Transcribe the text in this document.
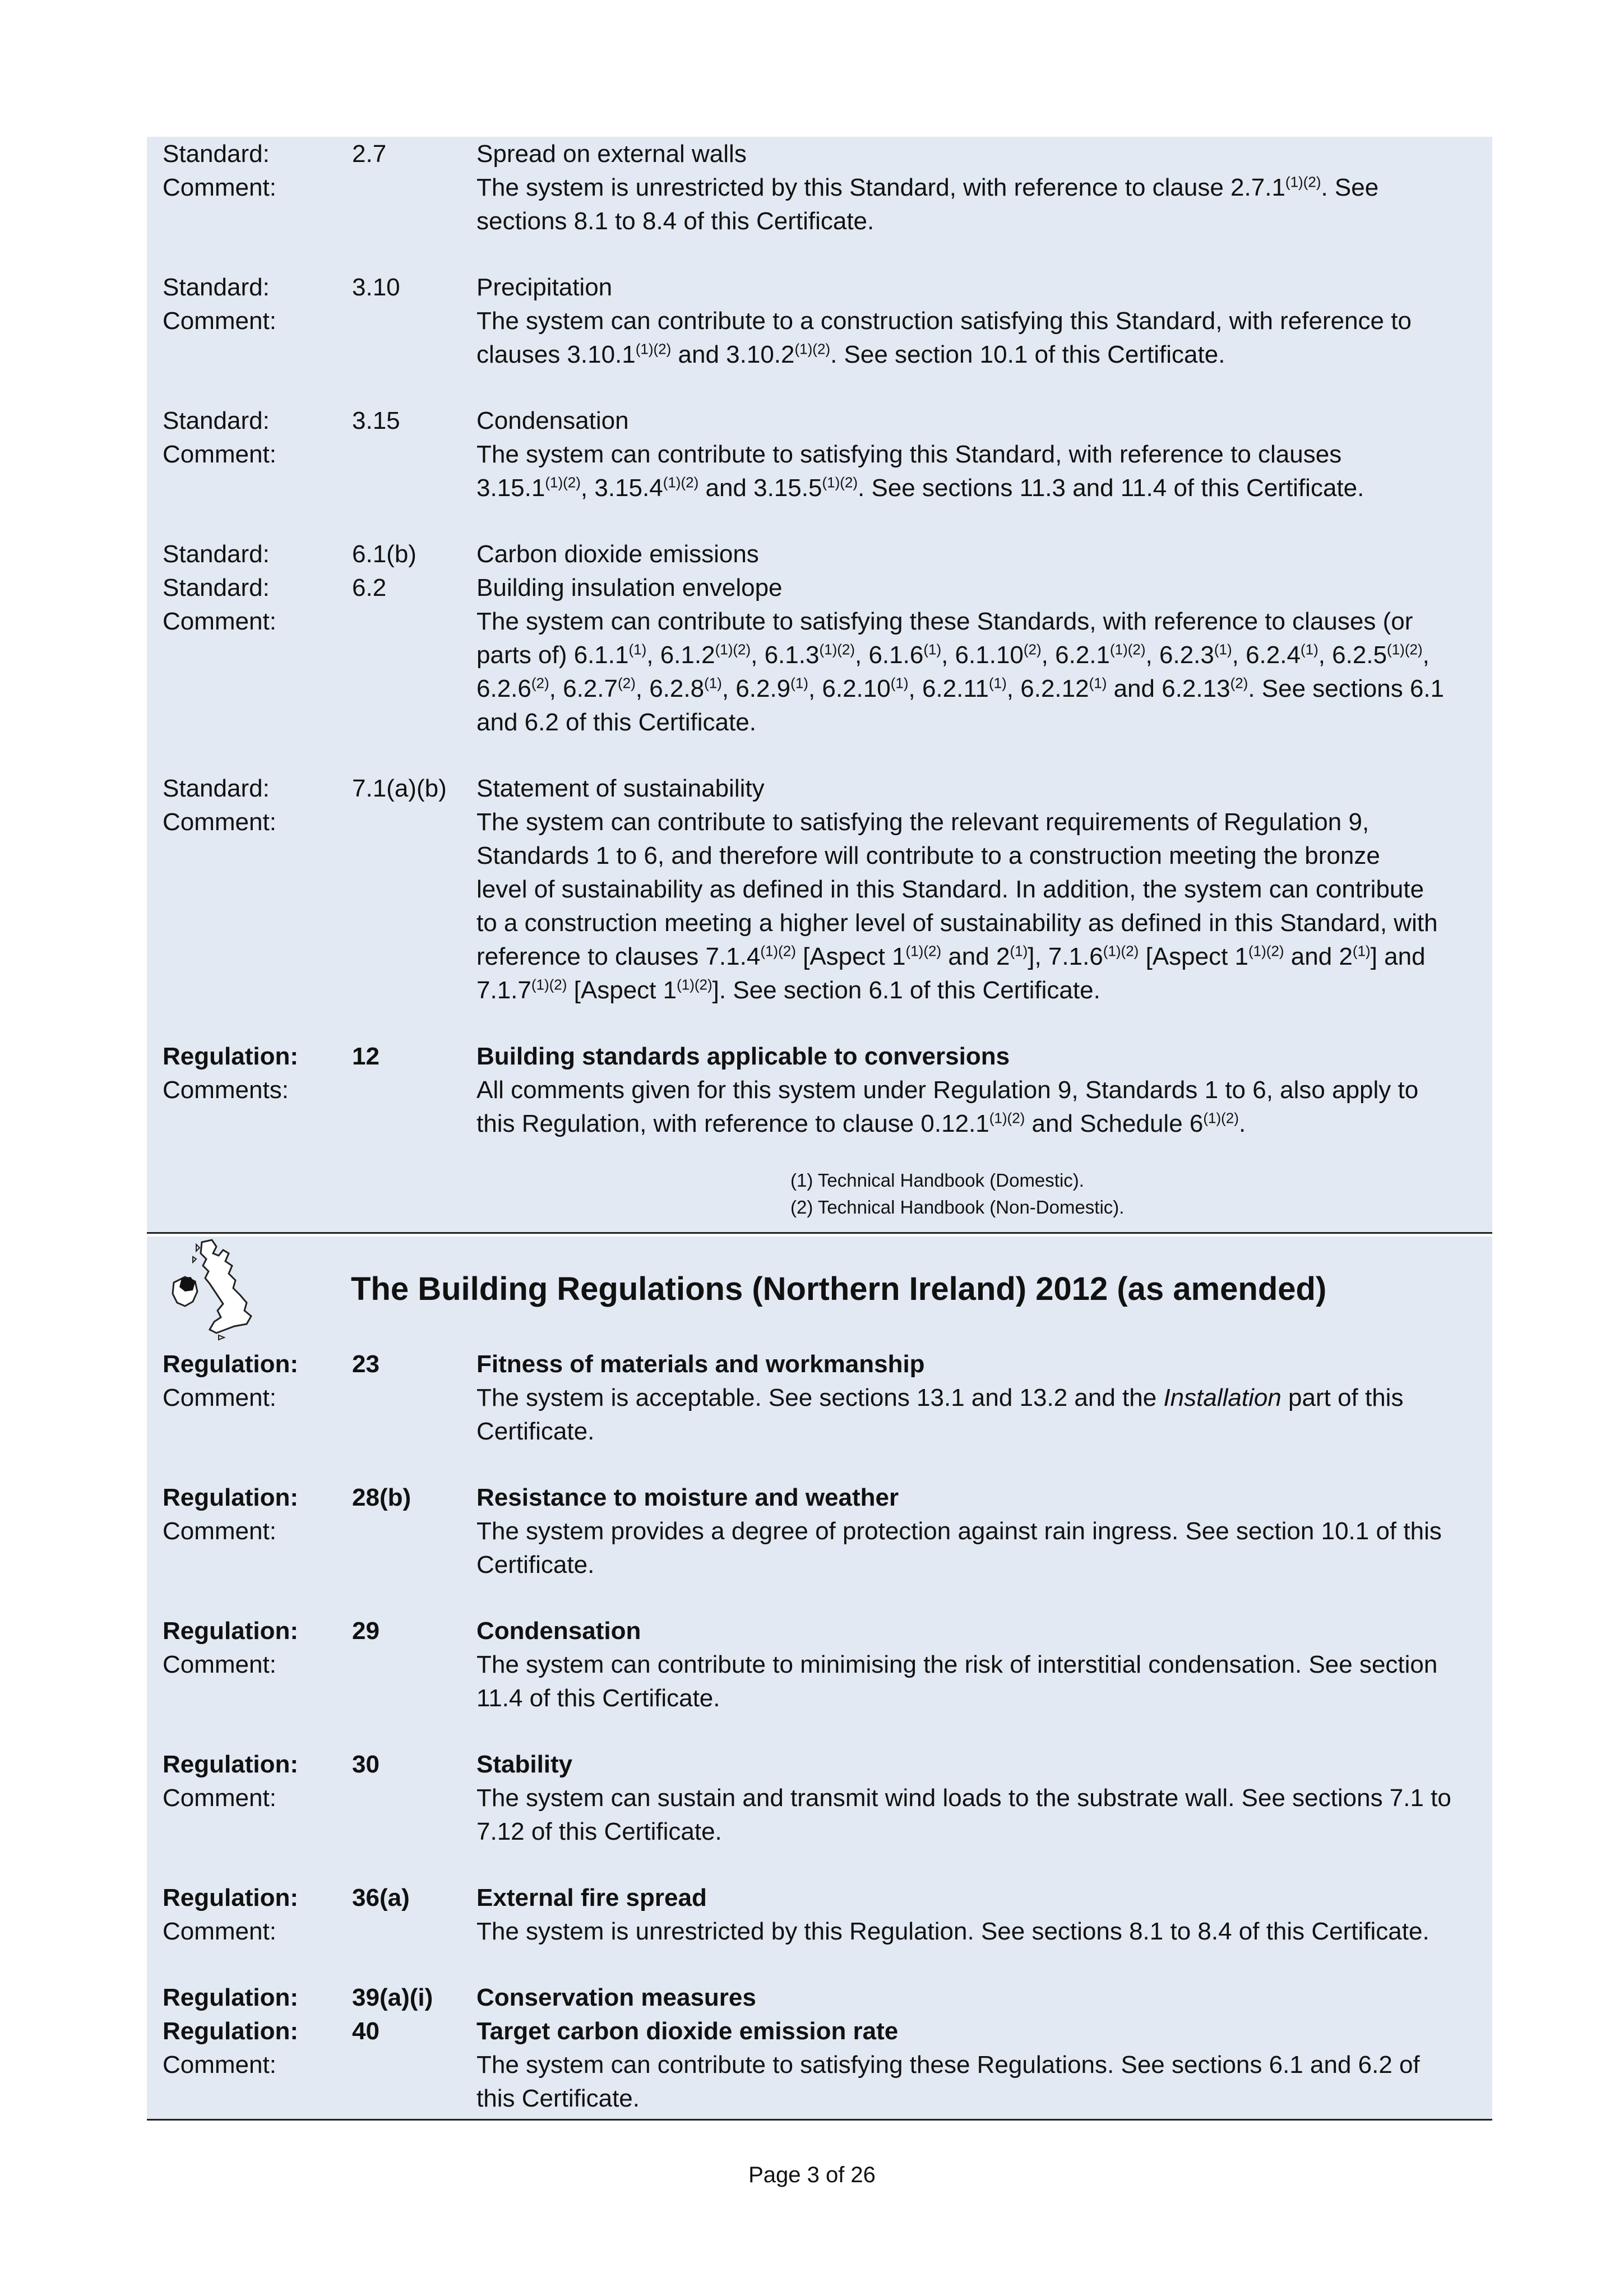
Standard:	2.7	Spread on external walls
Comment:	The system is unrestricted by this Standard, with reference to clause $2.7.1^{(1)(2)}$. See
sections 8.1 to 8.4 of this Certificate.
Standard:	3.10	Precipitation
Comment:	The system can contribute to a construction satisfying this Standard, with reference to
clauses $3.10.1^{(1)(2)}$ and $3.10.2^{(1)(2)}$. See section 10.1 of this Certificate.
Standard:	3.15	Condensation
Comment:	The system can contribute to satisfying this Standard, with reference to clauses
$3.15.1^{(1)(2)}$, $3.15.4^{(1)(2)}$ and $3.15.5^{(1)(2)}$. See sections 11.3 and 11.4 of this Certificate.
Standard:	6.1(b)	Carbon dioxide emissions
Standard:	6.2	Building insulation envelope
Comment:	The system can contribute to satisfying these Standards, with reference to clauses (or
parts of) 6.1.1$^{(1)}$, $6.1.2^{(1)(2)}$, $6.1.3^{(1)(2)}$, 6.1.6$^{(1)}$, 6.1.10$^{(2)}$, $6.2.1^{(1)(2)}$, 6.2.3$^{(1)}$, 6.2.4$^{(1)}$, $6.2.5^{(1)(2)}$,
6.2.6$^{(2)}$, 6.2.7$^{(2)}$, 6.2.8$^{(1)}$, 6.2.9$^{(1)}$, 6.2.10$^{(1)}$, 6.2.11$^{(1)}$, 6.2.12$^{(1)}$ and 6.2.13$^{(2)}$. See sections 6.1
and 6.2 of this Certificate.
Standard:	7.1(a)(b)	Statement of sustainability
Comment:	The system can contribute to satisfying the relevant requirements of Regulation 9,
Standards 1 to 6, and therefore will contribute to a construction meeting the bronze
level of sustainability as defined in this Standard. In addition, the system can contribute
to a construction meeting a higher level of sustainability as defined in this Standard, with
reference to clauses $7.1.4^{(1)(2)}$ [Aspect $1^{(1)(2)}$ and 2$^{(1)}$], $7.1.6^{(1)(2)}$ [Aspect $1^{(1)(2)}$ and 2$^{(1)}$] and
$7.1.7^{(1)(2)}$ [Aspect $1^{(1)(2)}$]. See section 6.1 of this Certificate.
Regulation:	12	Building standards applicable to conversions
Comments:	All comments given for this system under Regulation 9, Standards 1 to 6, also apply to
this Regulation, with reference to clause $0.12.1^{(1)(2)}$ and Schedule $6^{(1)(2)}$.
(1) Technical Handbook (Domestic).
(2) Technical Handbook (Non-Domestic).
The Building Regulations (Northern Ireland) 2012 (as amended)
Regulation:	23	Fitness of materials and workmanship
Comment:	The system is acceptable. See sections 13.1 and 13.2 and the Installation part of this
Certificate.
Regulation:	28(b)	Resistance to moisture and weather
Comment:	The system provides a degree of protection against rain ingress. See section 10.1 of this
Certificate.
Regulation:	29	Condensation
Comment:	The system can contribute to minimising the risk of interstitial condensation. See section
11.4 of this Certificate.
Regulation:	30	Stability
Comment:	The system can sustain and transmit wind loads to the substrate wall. See sections 7.1 to
7.12 of this Certificate.
Regulation:	36(a)	External fire spread
Comment:	The system is unrestricted by this Regulation. See sections 8.1 to 8.4 of this Certificate.
Regulation:	39(a)(i)	Conservation measures
Regulation:	40	Target carbon dioxide emission rate
Comment:	The system can contribute to satisfying these Regulations. See sections 6.1 and 6.2 of
this Certificate.
Page 3 of 26
